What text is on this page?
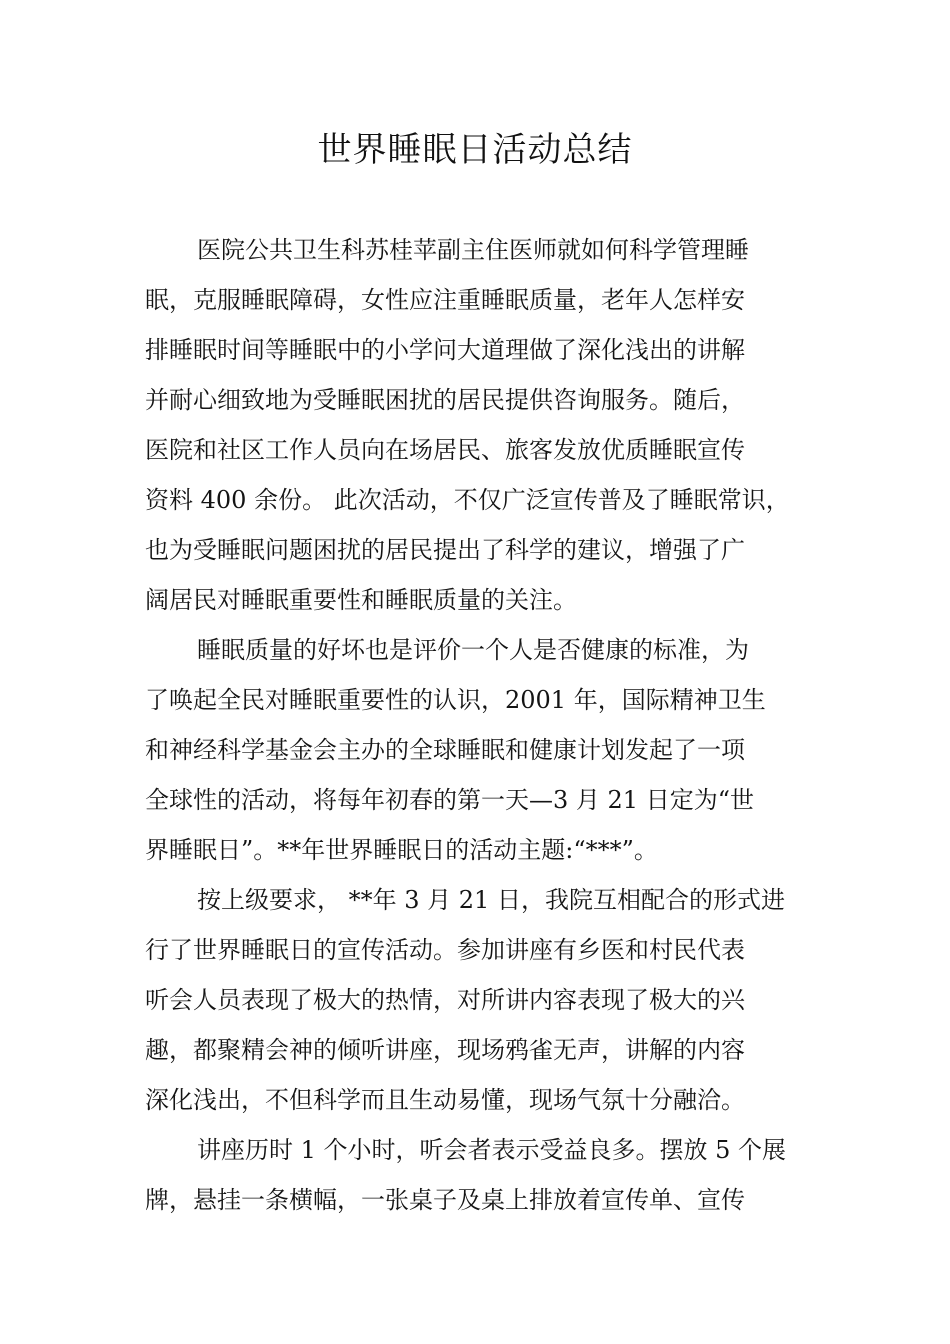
世界睡眠日活动总结
医院公共卫生科苏桂苹副主住医师就如何科学管理睡
眠，克服睡眠障碍，女性应注重睡眠质量，老年人怎样安
排睡眠时间等睡眠中的小学问大道理做了深化浅出的讲解
并耐心细致地为受睡眠困扰的居民提供咨询服务。随后，
医院和社区工作人员向在场居民、旅客发放优质睡眠宣传
资料 400 余份。 此次活动，不仅广泛宣传普及了睡眠常识，
也为受睡眠问题困扰的居民提出了科学的建议，增强了广
阔居民对睡眠重要性和睡眠质量的关注。
睡眠质量的好坏也是评价一个人是否健康的标准，为
了唤起全民对睡眠重要性的认识，2001 年，国际精神卫生
和神经科学基金会主办的全球睡眠和健康计划发起了一项
全球性的活动，将每年初春的第一天—3 月 21 日定为“世
界睡眠日”。**年世界睡眠日的活动主题:“***”。
按上级要求， **年 3 月 21 日，我院互相配合的形式进
行了世界睡眠日的宣传活动。参加讲座有乡医和村民代表
听会人员表现了极大的热情，对所讲内容表现了极大的兴
趣，都聚精会神的倾听讲座，现场鸦雀无声，讲解的内容
深化浅出，不但科学而且生动易懂，现场气氛十分融洽。
讲座历时 1 个小时，听会者表示受益良多。摆放 5 个展
牌，悬挂一条横幅，一张桌子及桌上排放着宣传单、宣传
